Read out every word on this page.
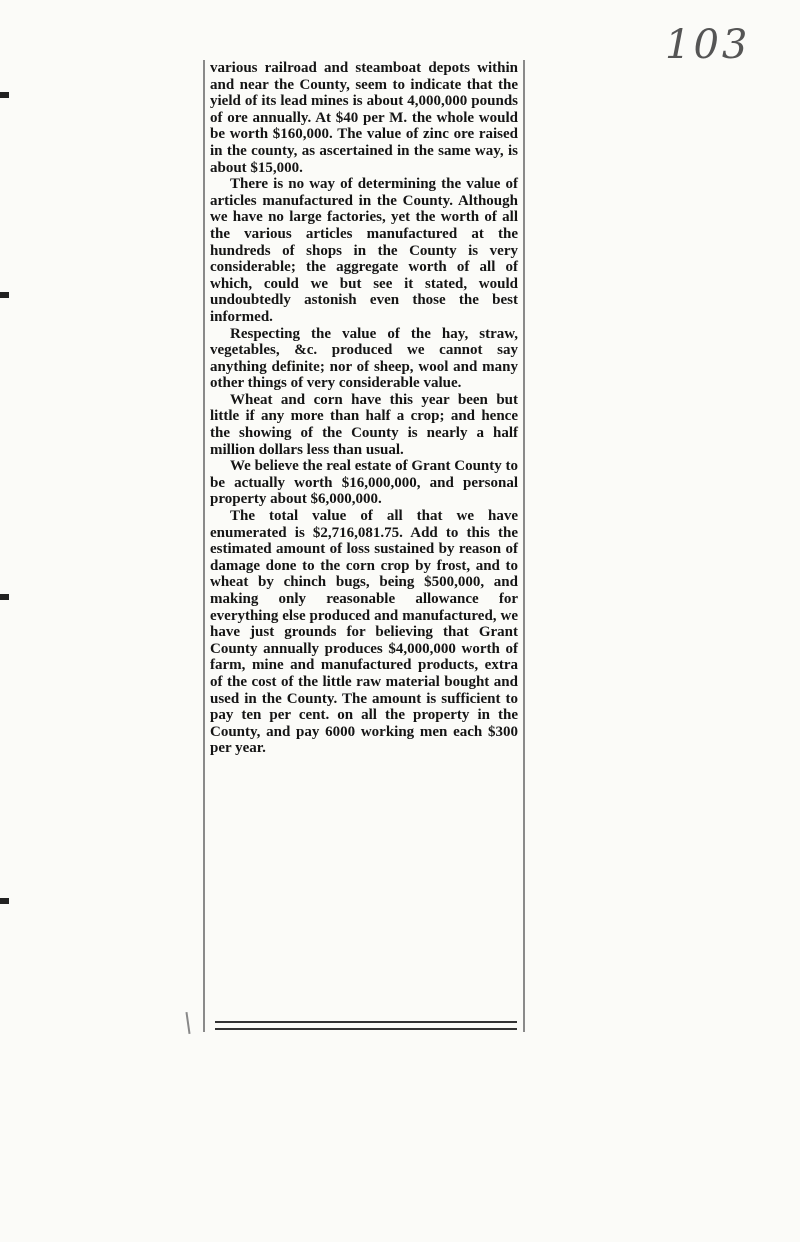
103

various railroad and steamboat depots within and near the County, seem to indicate that the yield of its lead mines is about 4,000,000 pounds of ore annually. At $40 per M. the whole would be worth $160,000. The value of zinc ore raised in the county, as ascertained in the same way, is about $15,000.

There is no way of determining the value of articles manufactured in the County. Although we have no large factories, yet the worth of all the various articles manufactured at the hundreds of shops in the County is very considerable; the aggregate worth of all of which, could we but see it stated, would undoubtedly astonish even those the best informed.

Respecting the value of the hay, straw, vegetables, &c. produced we cannot say anything definite; nor of sheep, wool and many other things of very considerable value.

Wheat and corn have this year been but little if any more than half a crop; and hence the showing of the County is nearly a half million dollars less than usual.

We believe the real estate of Grant County to be actually worth $16,000,000, and personal property about $6,000,000.

The total value of all that we have enumerated is $2,716,081.75. Add to this the estimated amount of loss sustained by reason of damage done to the corn crop by frost, and to wheat by chinch bugs, being $500,000, and making only reasonable allowance for everything else produced and manufactured, we have just grounds for believing that Grant County annually produces $4,000,000 worth of farm, mine and manufactured products, extra of the cost of the little raw material bought and used in the County. The amount is sufficient to pay ten per cent. on all the property in the County, and pay 6000 working men each $300 per year.
